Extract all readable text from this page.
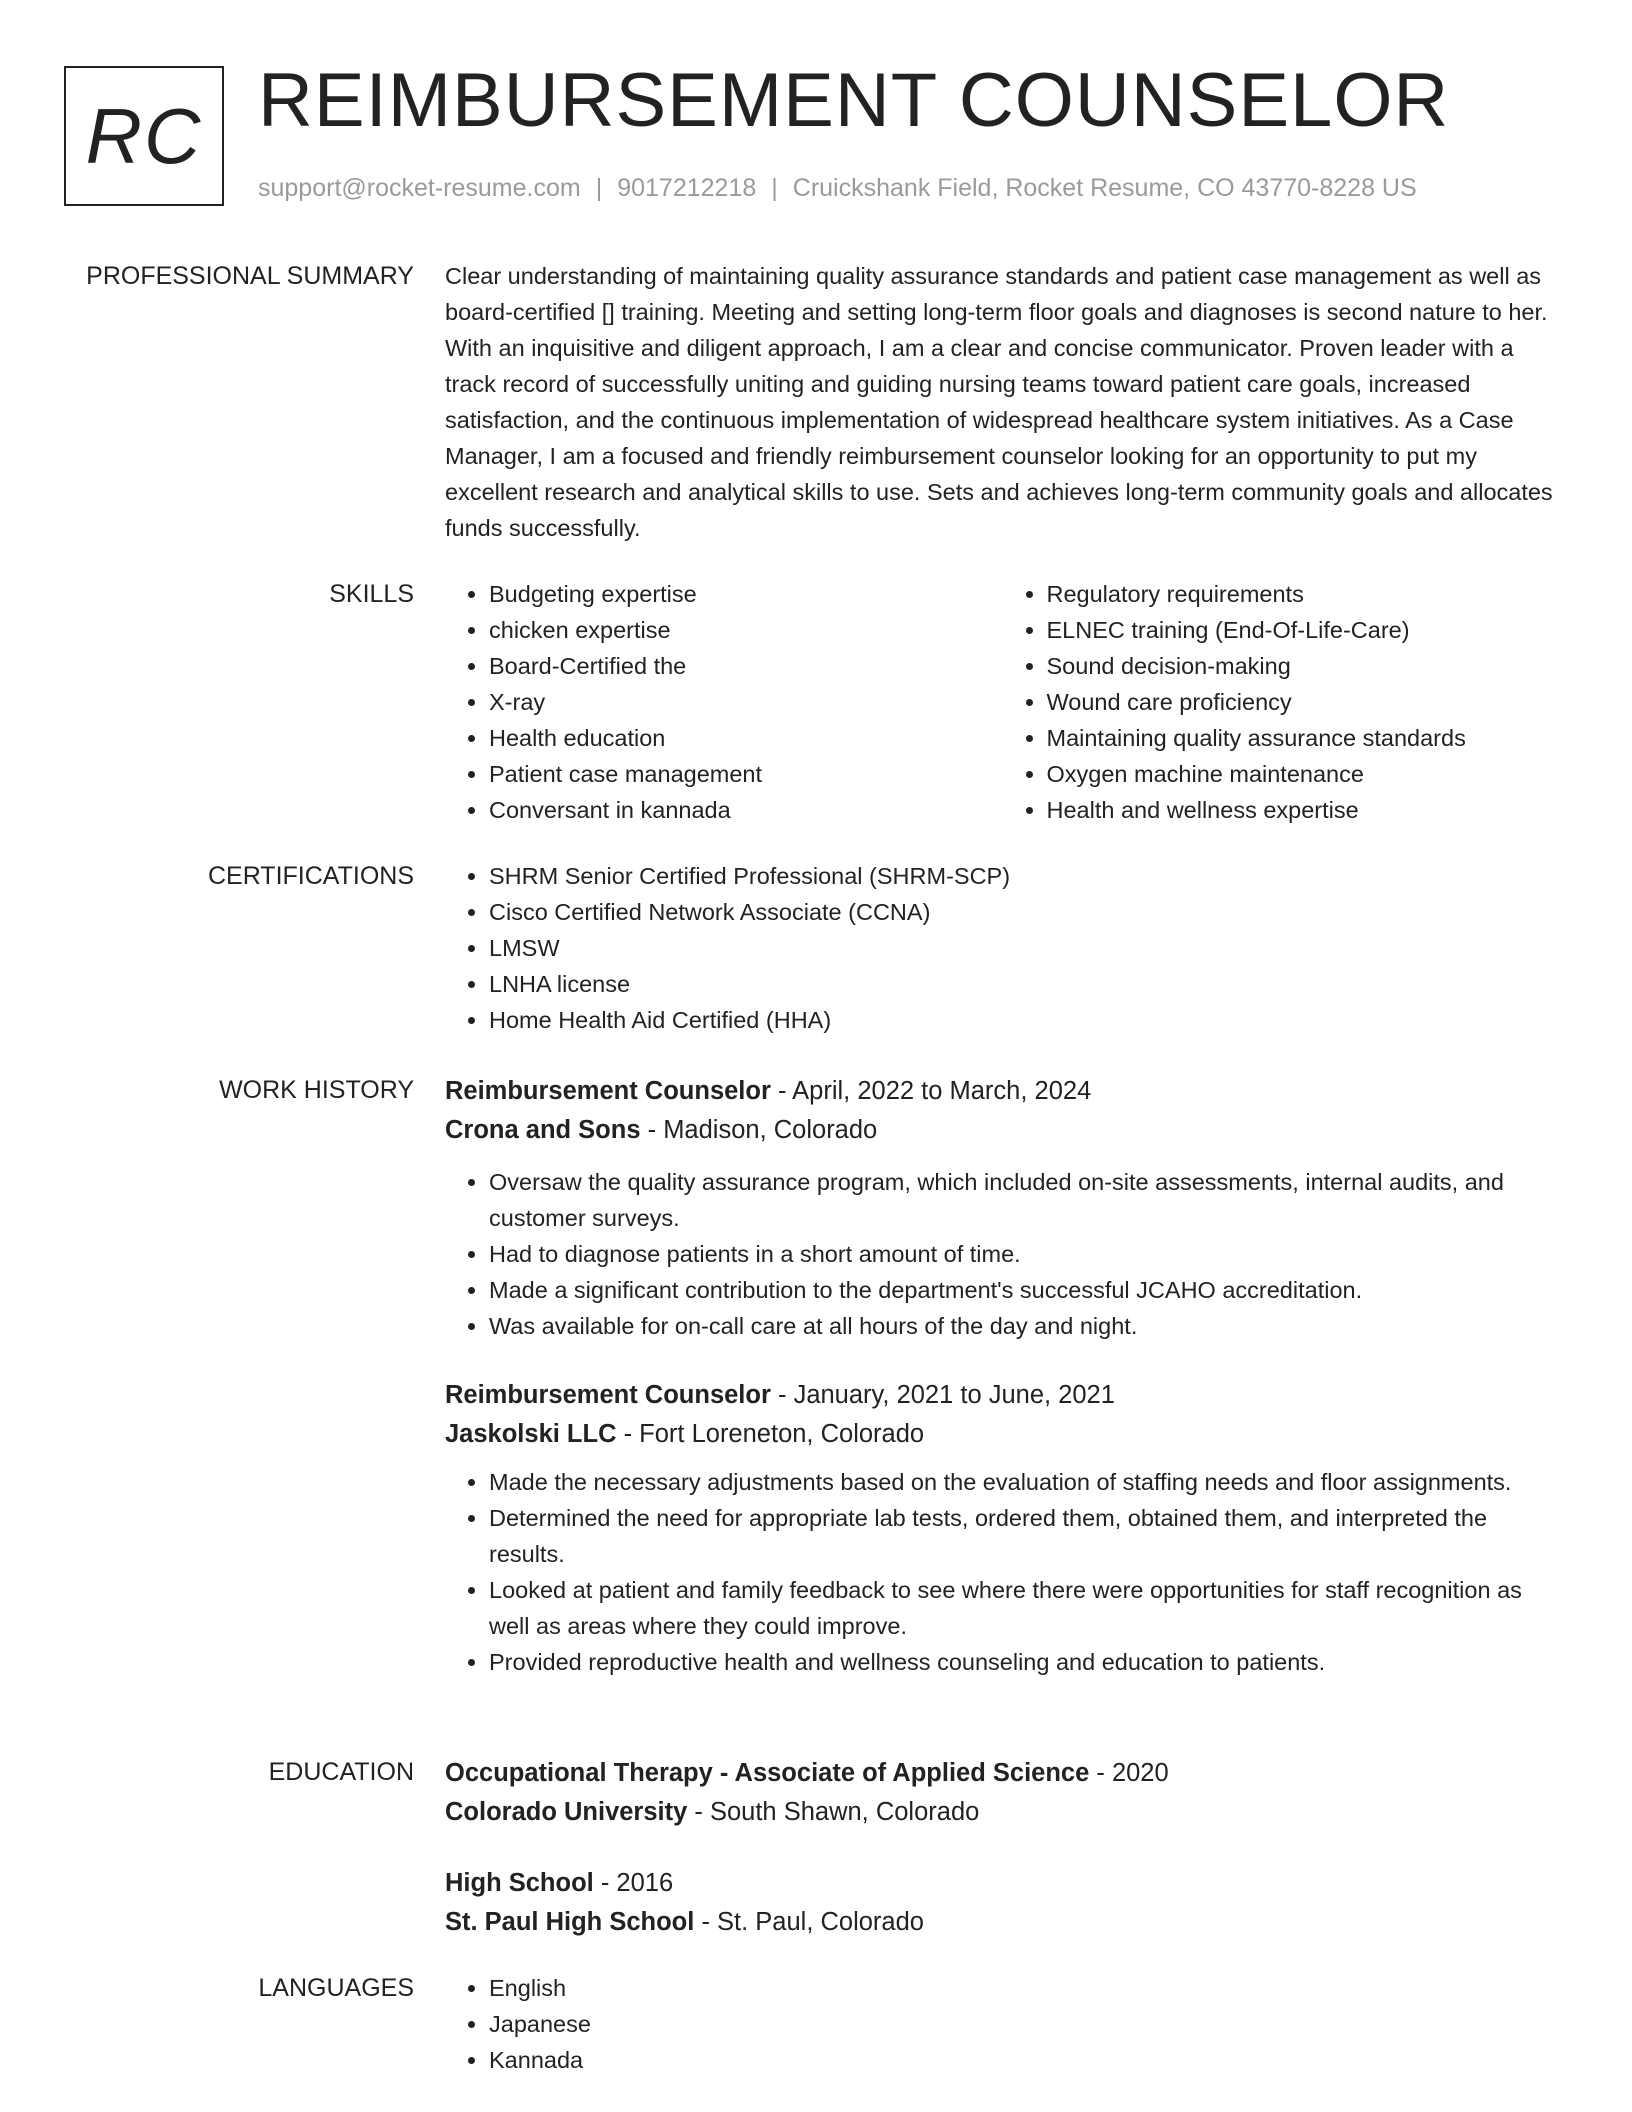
RC REIMBURSEMENT COUNSELOR
support@rocket-resume.com | 9017212218 | Cruickshank Field, Rocket Resume, CO 43770-8228 US
PROFESSIONAL SUMMARY Clear understanding of maintaining quality assurance standards and patient case management as well as board-certified [] training. Meeting and setting long-term floor goals and diagnoses is second nature to her. With an inquisitive and diligent approach, I am a clear and concise communicator. Proven leader with a track record of successfully uniting and guiding nursing teams toward patient care goals, increased satisfaction, and the continuous implementation of widespread healthcare system initiatives. As a Case Manager, I am a focused and friendly reimbursement counselor looking for an opportunity to put my excellent research and analytical skills to use. Sets and achieves long-term community goals and allocates funds successfully.

SKILLS	• Budgeting expertise
• chicken expertise
• Board-Certified the
• X-ray
• Health education
• Patient case management
• Conversant in kannada
• Regulatory requirements
• ELNEC training (End-Of-Life-Care)
• Sound decision-making
• Wound care proficiency
• Maintaining quality assurance standards
• Oxygen machine maintenance
• Health and wellness expertise
CERTIFICATIONS	• SHRM Senior Certified Professional (SHRM-SCP)
• Cisco Certified Network Associate (CCNA)
• LMSW
• LNHA license
• Home Health Aid Certified (HHA)
WORK HISTORY Reimbursement Counselor - April, 2022 to March, 2024
Crona and Sons - Madison, Colorado
• Oversaw the quality assurance program, which included on-site assessments, internal audits, and customer surveys.
• Had to diagnose patients in a short amount of time.
• Made a significant contribution to the department's successful JCAHO accreditation.
• Was available for on-call care at all hours of the day and night.
Reimbursement Counselor - January, 2021 to June, 2021
Jaskolski LLC - Fort Loreneton, Colorado
• Made the necessary adjustments based on the evaluation of staffing needs and floor assignments.
• Determined the need for appropriate lab tests, ordered them, obtained them, and interpreted the results.
• Looked at patient and family feedback to see where there were opportunities for staff recognition as well as areas where they could improve.
• Provided reproductive health and wellness counseling and education to patients.
EDUCATION Occupational Therapy - Associate of Applied Science - 2020
Colorado University - South Shawn, Colorado
High School - 2016
St. Paul High School - St. Paul, Colorado
LANGUAGES	• English
• Japanese
• Kannada
